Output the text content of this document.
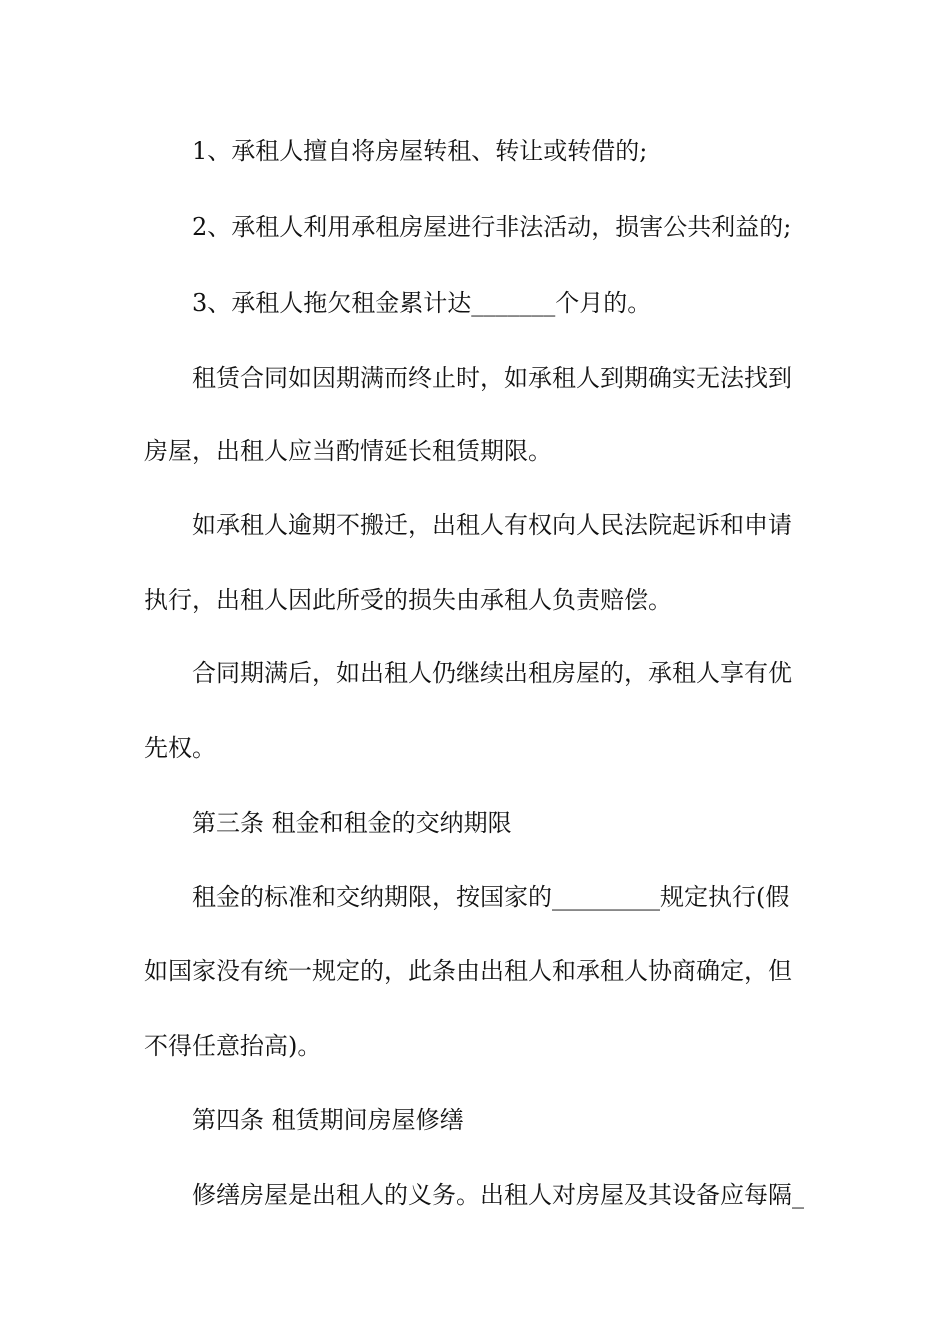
1、承租人擅自将房屋转租、转让或转借的;

2、承租人利用承租房屋进行非法活动，损害公共利益的;

3、承租人拖欠租金累计达_______个月的。

租赁合同如因期满而终止时，如承租人到期确实无法找到

房屋，出租人应当酌情延长租赁期限。

如承租人逾期不搬迁，出租人有权向人民法院起诉和申请

执行，出租人因此所受的损失由承租人负责赔偿。

合同期满后，如出租人仍继续出租房屋的，承租人享有优

先权。

第三条 租金和租金的交纳期限

租金的标准和交纳期限，按国家的_________规定执行(假

如国家没有统一规定的，此条由出租人和承租人协商确定，但

不得任意抬高)。

第四条 租赁期间房屋修缮

修缮房屋是出租人的义务。出租人对房屋及其设备应每隔_
